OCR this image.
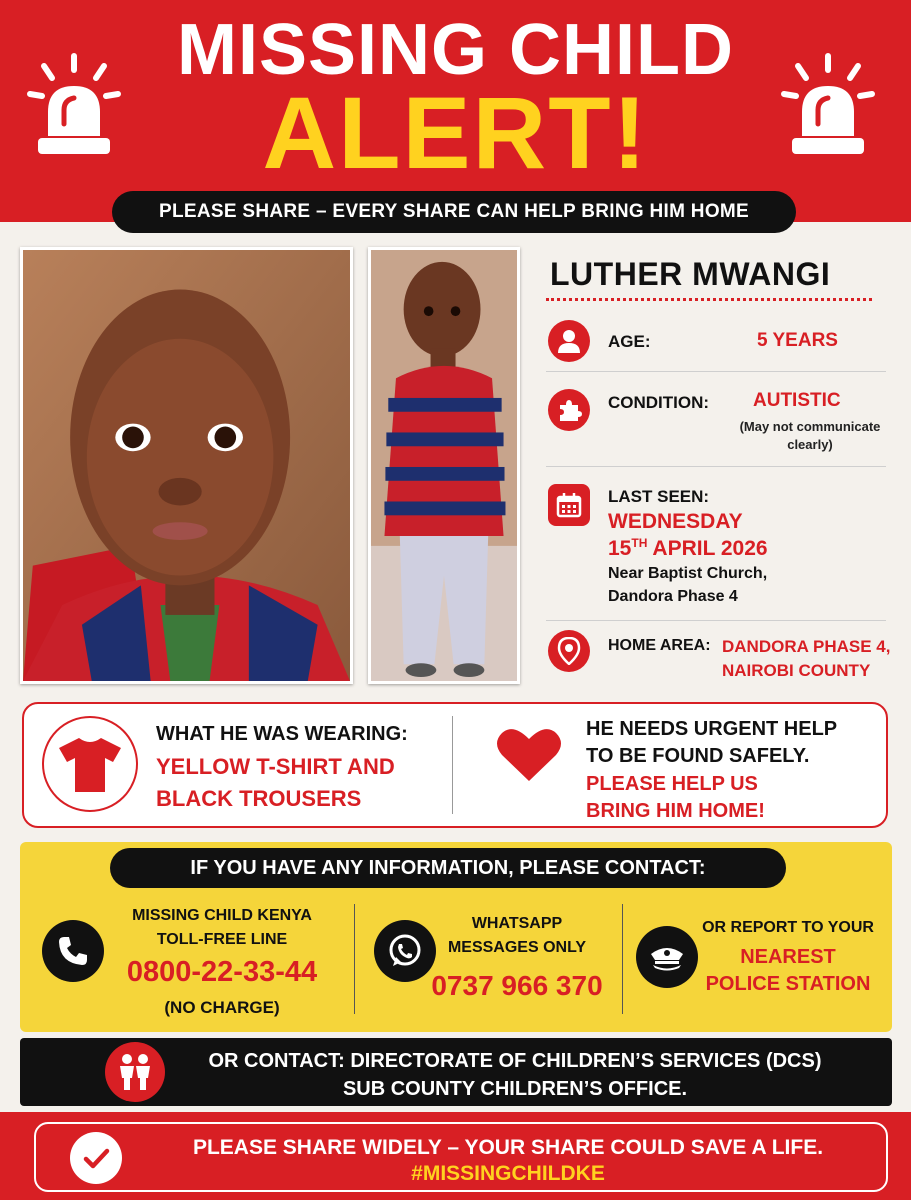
MISSING CHILD
ALERT!
PLEASE SHARE – EVERY SHARE CAN HELP BRING HIM HOME
LUTHER MWANGI
AGE:	5 YEARS
CONDITION: AUTISTIC
(May not communicate
clearly)
LAST SEEN:
WEDNESDAY
15TH APRIL 2026
Near Baptist Church,
Dandora Phase 4
HOME AREA: DANDORA PHASE 4,
NAIROBI COUNTY
WHAT HE WAS WEARING:
YELLOW T-SHIRT AND
BLACK TROUSERS
HE NEEDS URGENT HELP
TO BE FOUND SAFELY.
PLEASE HELP US
BRING HIM HOME!
IF YOU HAVE ANY INFORMATION, PLEASE CONTACT:
MISSING CHILD KENYA
TOLL-FREE LINE
0800-22-33-44
(NO CHARGE)
WHATSAPP
MESSAGES ONLY
0737 966 370
OR REPORT TO YOUR
NEAREST
POLICE STATION
OR CONTACT: DIRECTORATE OF CHILDREN’S SERVICES (DCS)
SUB COUNTY CHILDREN’S OFFICE.
PLEASE SHARE WIDELY – YOUR SHARE COULD SAVE A LIFE.
#MISSINGCHILDKE
